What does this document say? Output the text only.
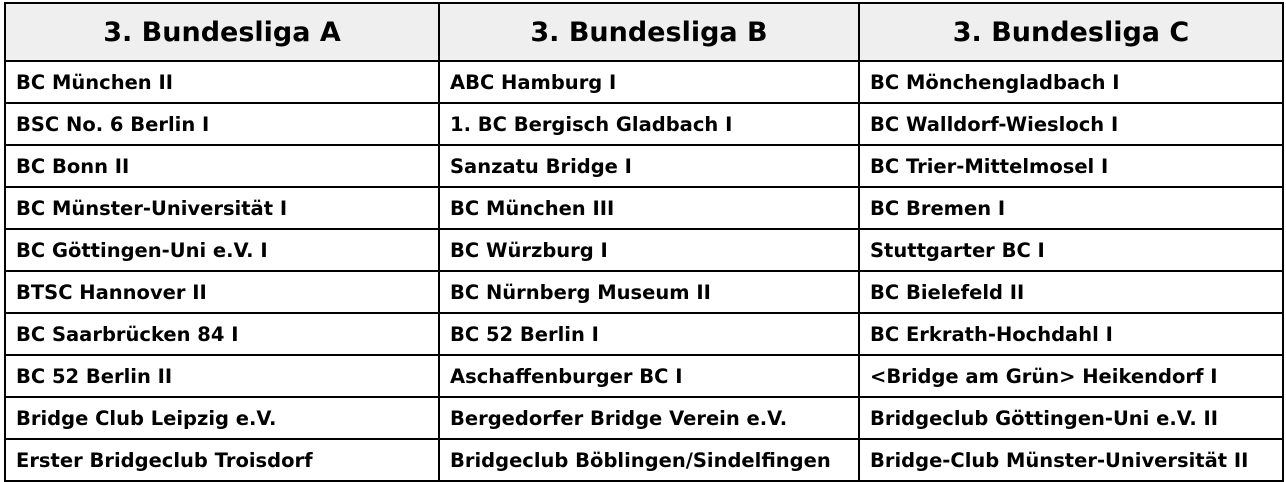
3. Bundesliga A	3. Bundesliga B	3. Bundesliga C
BC München II	ABC Hamburg I	BC Mönchengladbach I
BSC No. 6 Berlin I	1. BC Bergisch Gladbach I	BC Walldorf-Wiesloch I
BC Bonn II	Sanzatu Bridge I	BC Trier-Mittelmosel I
BC Münster-Universität I	BC München III	BC Bremen I
BC Göttingen-Uni e.V. I	BC Würzburg I	Stuttgarter BC I
BTSC Hannover II	BC Nürnberg Museum II	BC Bielefeld II
BC Saarbrücken 84 I	BC 52 Berlin I	BC Erkrath-Hochdahl I
BC 52 Berlin II	Aschaffenburger BC I	<Bridge am Grün> Heikendorf I
Bridge Club Leipzig e.V.	Bergedorfer Bridge Verein e.V.	Bridgeclub Göttingen-Uni e.V. II
Erster Bridgeclub Troisdorf	Bridgeclub Böblingen/Sindelfingen	Bridge-Club Münster-Universität II
